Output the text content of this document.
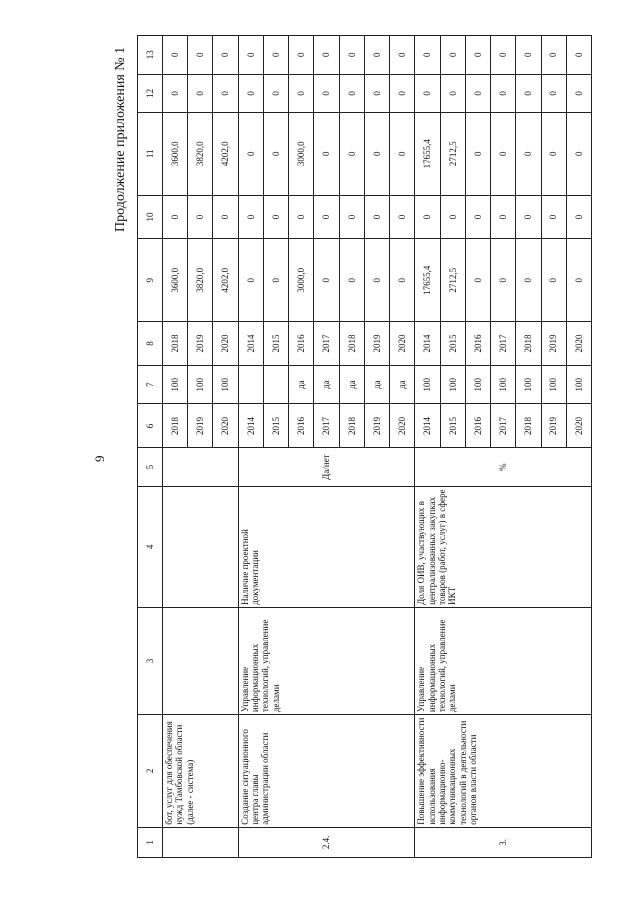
Продолжение приложения № 1
9
1	2	3	4	5	6	7	8	9	10	11	12	13
	бот, услуг для обеспечения нужд Тамбовской области (далее - система)				2018	100	2018	3600,0	0	3600,0	0	0
					2019	100	2019	3820,0	0	3820,0	0	0
					2020	100	2020	4202,0	0	4202,0	0	0
2.4.	Создание ситуационного центра главы администрации области	Управление информационных технологий, управление делами	Наличие проектной документации	Да/нет	2014		2014	0	0	0	0	0
					2015		2015	0	0	0	0	0
					2016	да	2016	3000,0	0	3000,0	0	0
					2017	да	2017	0	0	0	0	0
					2018	да	2018	0	0	0	0	0
					2019	да	2019	0	0	0	0	0
					2020	да	2020	0	0	0	0	0
3.	Повышение эффективности использования информационно-коммуникационных технологий в деятельности органов власти области	Управление информационных технологий, управление делами	Доля ОИВ, участвующих в централизованных закупках товаров (работ, услуг) в сфере ИКТ	%	2014	100	2014	17655,4	0	17655,4	0	0
					2015	100	2015	2712,5	0	2712,5	0	0
					2016	100	2016	0	0	0	0	0
					2017	100	2017	0	0	0	0	0
					2018	100	2018	0	0	0	0	0
					2019	100	2019	0	0	0	0	0
					2020	100	2020	0	0	0	0	0
